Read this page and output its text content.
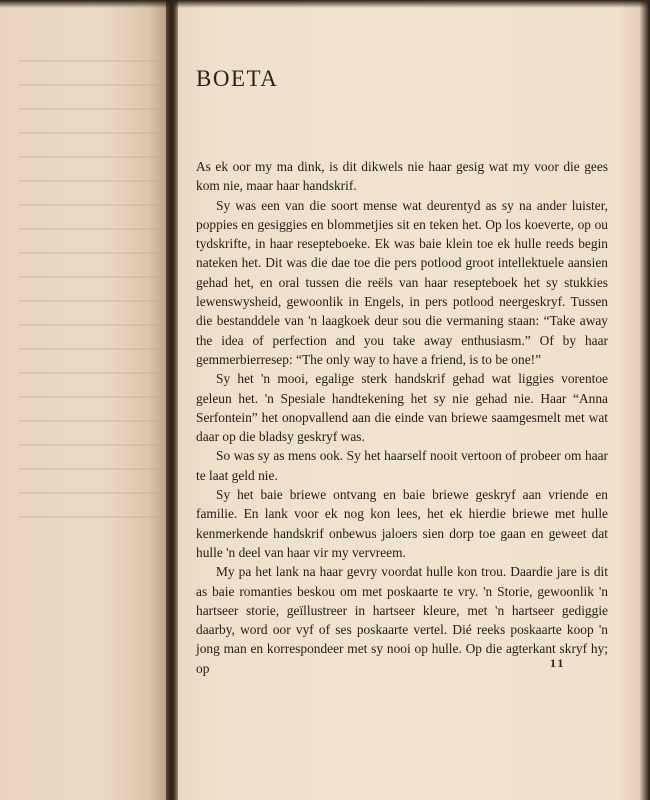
BOETA

As ek oor my ma dink, is dit dikwels nie haar gesig wat my voor die gees kom nie, maar haar handskrif.

Sy was een van die soort mense wat deurentyd as sy na ander luister, poppies en gesiggies en blommetjies sit en teken het. Op los koeverte, op ou tydskrifte, in haar resepteboeke. Ek was baie klein toe ek hulle reeds begin nateken het. Dit was die dae toe die pers potlood groot intellektuele aansien gehad het, en oral tussen die reëls van haar resepteboek het sy stukkies lewenswysheid, gewoonlik in Engels, in pers potlood neergeskryf. Tussen die bestanddele van 'n laagkoek deur sou die vermaning staan: “Take away the idea of perfection and you take away enthusiasm.” Of by haar gemmerbierresep: “The only way to have a friend, is to be one!”

Sy het 'n mooi, egalige sterk handskrif gehad wat liggies vorentoe geleun het. 'n Spesiale handtekening het sy nie gehad nie. Haar “Anna Serfontein” het onopvallend aan die einde van briewe saamgesmelt met wat daar op die bladsy geskryf was.

So was sy as mens ook. Sy het haarself nooit vertoon of probeer om haar te laat geld nie.

Sy het baie briewe ontvang en baie briewe geskryf aan vriende en familie. En lank voor ek nog kon lees, het ek hierdie briewe met hulle kenmerkende handskrif onbewus jaloers sien dorp toe gaan en geweet dat hulle 'n deel van haar vir my vervreem.

My pa het lank na haar gevry voordat hulle kon trou. Daardie jare is dit as baie romanties beskou om met poskaarte te vry. 'n Storie, gewoonlik 'n hartseer storie, geïllustreer in hartseer kleure, met 'n hartseer gediggie daarby, word oor vyf of ses poskaarte vertel. Dié reeks poskaarte koop 'n jong man en korrespondeer met sy nooi op hulle. Op die agterkant skryf hy; op	11
